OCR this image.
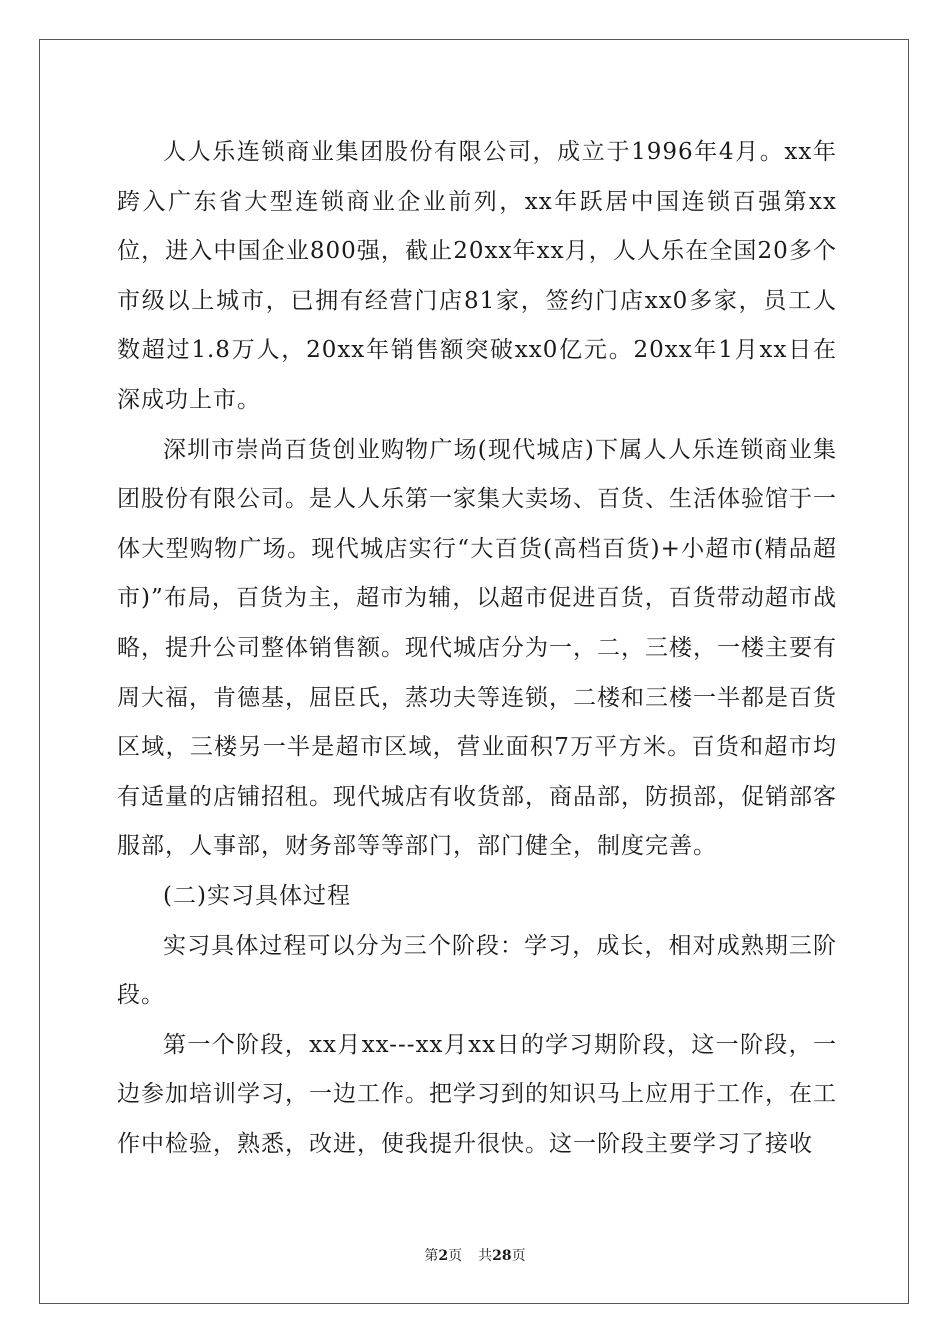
人人乐连锁商业集团股份有限公司，成立于1996年4月。xx年跨入广东省大型连锁商业企业前列，xx年跃居中国连锁百强第xx位，进入中国企业800强，截止20xx年xx月，人人乐在全国20多个市级以上城市，已拥有经营门店81家，签约门店xx0多家，员工人数超过1.8万人，20xx年销售额突破xx0亿元。20xx年1月xx日在深成功上市。

深圳市崇尚百货创业购物广场(现代城店)下属人人乐连锁商业集团股份有限公司。是人人乐第一家集大卖场、百货、生活体验馆于一体大型购物广场。现代城店实行“大百货(高档百货)+小超市(精品超市)”布局，百货为主，超市为辅，以超市促进百货，百货带动超市战略，提升公司整体销售额。现代城店分为一，二，三楼，一楼主要有周大福，肯德基，屈臣氏，蒸功夫等连锁，二楼和三楼一半都是百货区域，三楼另一半是超市区域，营业面积7万平方米。百货和超市均有适量的店铺招租。现代城店有收货部，商品部，防损部，促销部客服部，人事部，财务部等等部门，部门健全，制度完善。

(二)实习具体过程

实习具体过程可以分为三个阶段：学习，成长，相对成熟期三阶段。

第一个阶段，xx月xx---xx月xx日的学习期阶段，这一阶段，一边参加培训学习，一边工作。把学习到的知识马上应用于工作，在工作中检验，熟悉，改进，使我提升很快。这一阶段主要学习了接收

第2页 共28页
